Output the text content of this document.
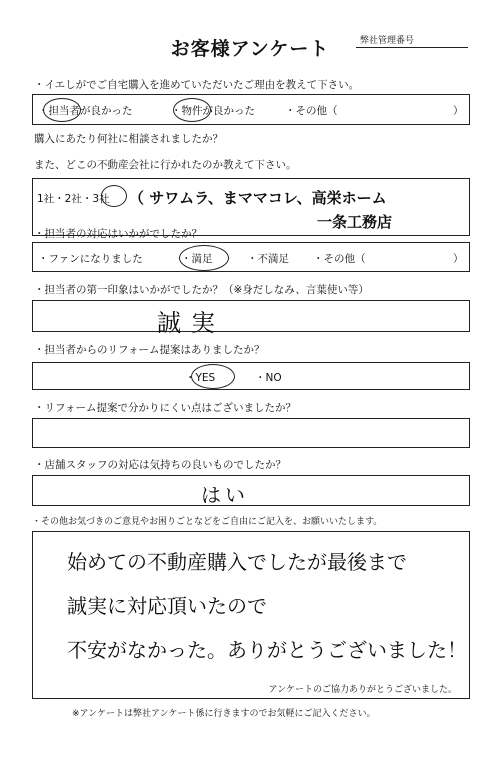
お客様アンケート	弊社管理番号
・イエしがでご自宅購入を進めていただいたご理由を教えて下さい。
・担当者が良かった	・物件が良かった	・その他（	）
購入にあたり何社に相談されましたか？
また、どこの不動産会社に行かれたのか教えて下さい。
1社・2社・3社 （ サワムラ、まママコレ、高栄ホーム
一条工務店
・担当者の対応はいかがでしたか？
・ファンになりました	・満足	・不満足 ・その他（	）
・担当者の第一印象はいかがでしたか？（※身だしなみ、言葉使い等）
誠実
・担当者からのリフォーム提案はありましたか？
・YES	・NO
・リフォーム提案で分かりにくい点はございましたか？
・店舗スタッフの対応は気持ちの良いものでしたか？
はい
・その他お気づきのご意見やお困りごとなどをご自由にご記入を、お願いいたします。
始めての不動産購入でしたが最後まで
誠実に対応頂いたので
不安がなかった。ありがとうございました！
アンケートのご協力ありがとうございました。
※アンケートは弊社アンケート係に行きますのでお気軽にご記入ください。
